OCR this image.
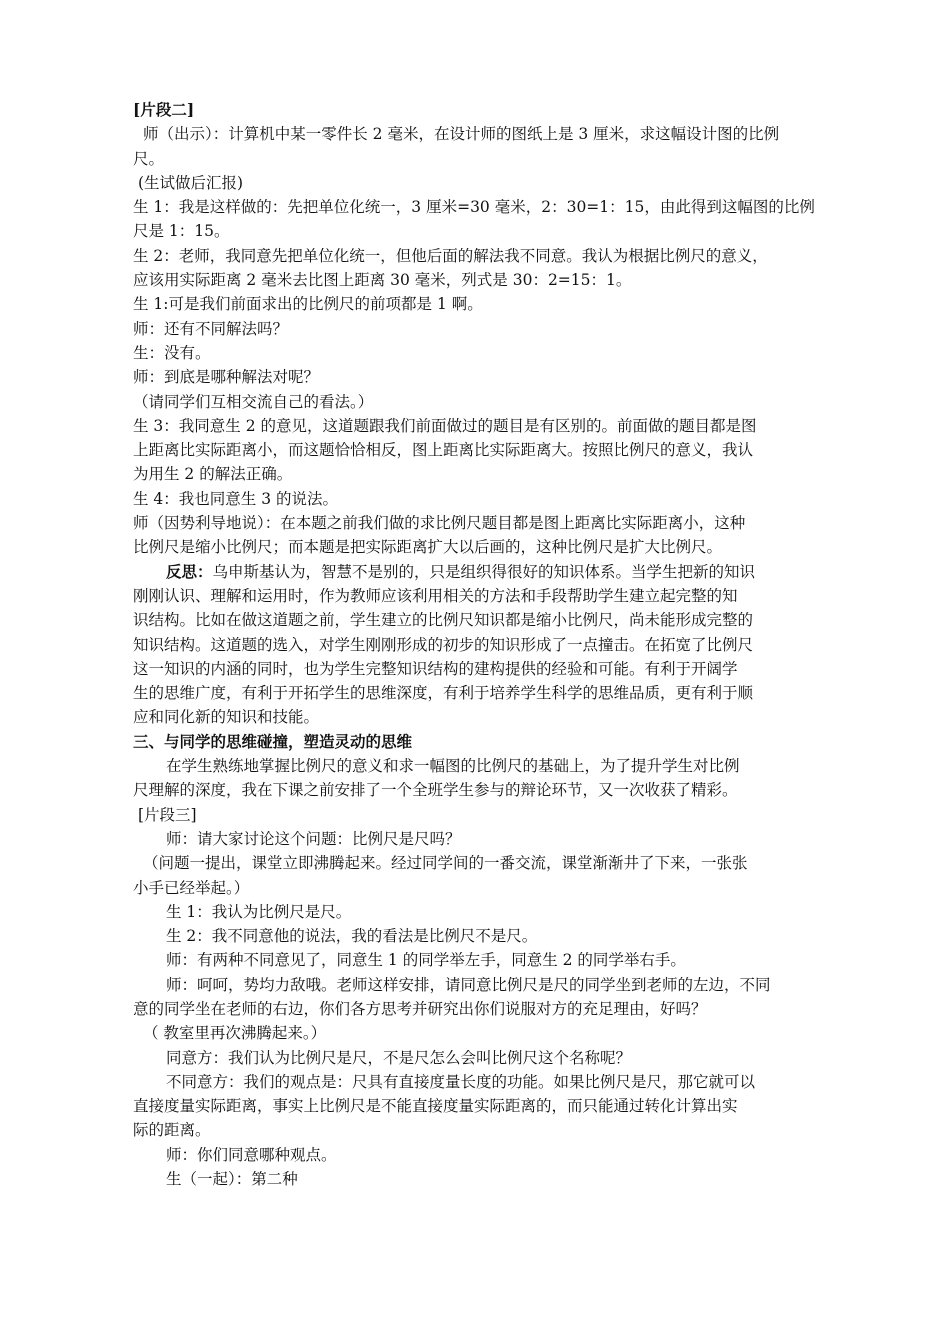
[片段二]
师（出示）：计算机中某一零件长 2 毫米，在设计师的图纸上是 3 厘米，求这幅设计图的比例
尺。
(生试做后汇报)
生 1：我是这样做的：先把单位化统一，3 厘米=30 毫米，2：30=1：15，由此得到这幅图的比例
尺是 1：15。
生 2：老师，我同意先把单位化统一，但他后面的解法我不同意。我认为根据比例尺的意义，
应该用实际距离 2 毫米去比图上距离 30 毫米，列式是 30：2=15：1。
生 1:可是我们前面求出的比例尺的前项都是 1 啊。
师：还有不同解法吗？
生：没有。
师：到底是哪种解法对呢？
（请同学们互相交流自己的看法。）
生 3：我同意生 2 的意见，这道题跟我们前面做过的题目是有区别的。前面做的题目都是图
上距离比实际距离小，而这题恰恰相反，图上距离比实际距离大。按照比例尺的意义，我认
为用生 2 的解法正确。
生 4：我也同意生 3 的说法。
师（因势利导地说）：在本题之前我们做的求比例尺题目都是图上距离比实际距离小，这种
比例尺是缩小比例尺；而本题是把实际距离扩大以后画的，这种比例尺是扩大比例尺。
反思：乌申斯基认为，智慧不是别的，只是组织得很好的知识体系。当学生把新的知识
刚刚认识、理解和运用时，作为教师应该利用相关的方法和手段帮助学生建立起完整的知
识结构。比如在做这道题之前，学生建立的比例尺知识都是缩小比例尺，尚未能形成完整的
知识结构。这道题的选入，对学生刚刚形成的初步的知识形成了一点撞击。在拓宽了比例尺
这一知识的内涵的同时，也为学生完整知识结构的建构提供的经验和可能。有利于开阔学
生的思维广度，有利于开拓学生的思维深度，有利于培养学生科学的思维品质，更有利于顺
应和同化新的知识和技能。
三、与同学的思维碰撞，塑造灵动的思维
在学生熟练地掌握比例尺的意义和求一幅图的比例尺的基础上，为了提升学生对比例
尺理解的深度，我在下课之前安排了一个全班学生参与的辩论环节，又一次收获了精彩。
[片段三]
师：请大家讨论这个问题：比例尺是尺吗？
（问题一提出，课堂立即沸腾起来。经过同学间的一番交流，课堂渐渐井了下来，一张张
小手已经举起。）
生 1：我认为比例尺是尺。
生 2：我不同意他的说法，我的看法是比例尺不是尺。
师：有两种不同意见了，同意生 1 的同学举左手，同意生 2 的同学举右手。
师：呵呵，势均力敌哦。老师这样安排，请同意比例尺是尺的同学坐到老师的左边，不同
意的同学坐在老师的右边，你们各方思考并研究出你们说服对方的充足理由，好吗？
（ 教室里再次沸腾起来。）
同意方：我们认为比例尺是尺，不是尺怎么会叫比例尺这个名称呢？
不同意方：我们的观点是：尺具有直接度量长度的功能。如果比例尺是尺，那它就可以
直接度量实际距离，事实上比例尺是不能直接度量实际距离的，而只能通过转化计算出实
际的距离。
师：你们同意哪种观点。
生（一起）：第二种
